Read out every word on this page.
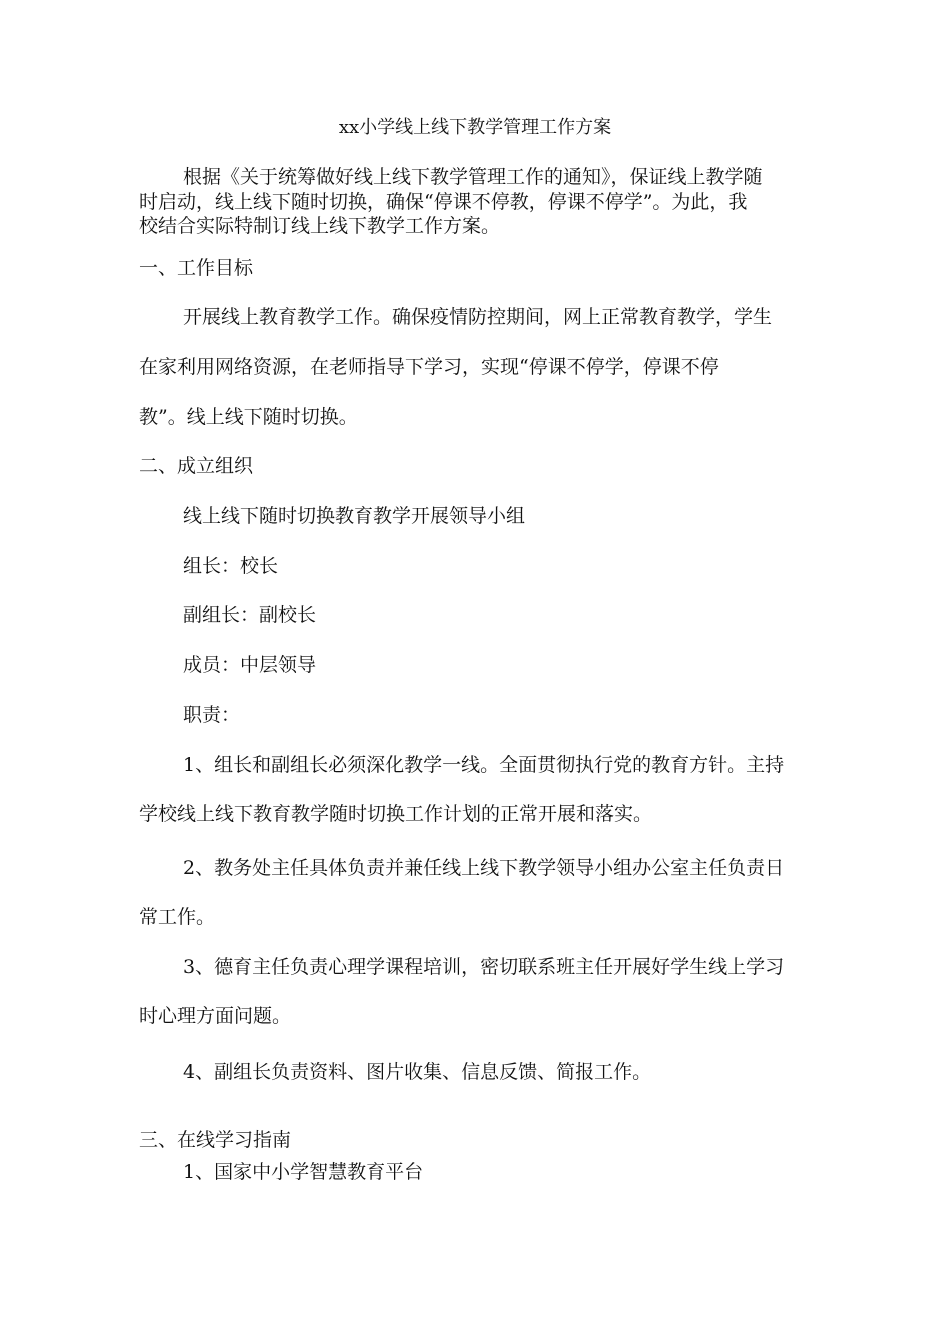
xx小学线上线下教学管理工作方案
根据《关于统筹做好线上线下教学管理工作的通知》，保证线上教学随
时启动，线上线下随时切换，确保“停课不停教，停课不停学”。为此，我
校结合实际特制订线上线下教学工作方案。
一、工作目标
开展线上教育教学工作。确保疫情防控期间，网上正常教育教学，学生
在家利用网络资源，在老师指导下学习，实现“停课不停学，停课不停
教”。线上线下随时切换。
二、成立组织
线上线下随时切换教育教学开展领导小组
组长：校长
副组长：副校长
成员：中层领导
职责：
1、组长和副组长必须深化教学一线。全面贯彻执行党的教育方针。主持
学校线上线下教育教学随时切换工作计划的正常开展和落实。
2、教务处主任具体负责并兼任线上线下教学领导小组办公室主任负责日
常工作。
3、德育主任负责心理学课程培训，密切联系班主任开展好学生线上学习
时心理方面问题。
4、副组长负责资料、图片收集、信息反馈、简报工作。
三、在线学习指南
1、国家中小学智慧教育平台
